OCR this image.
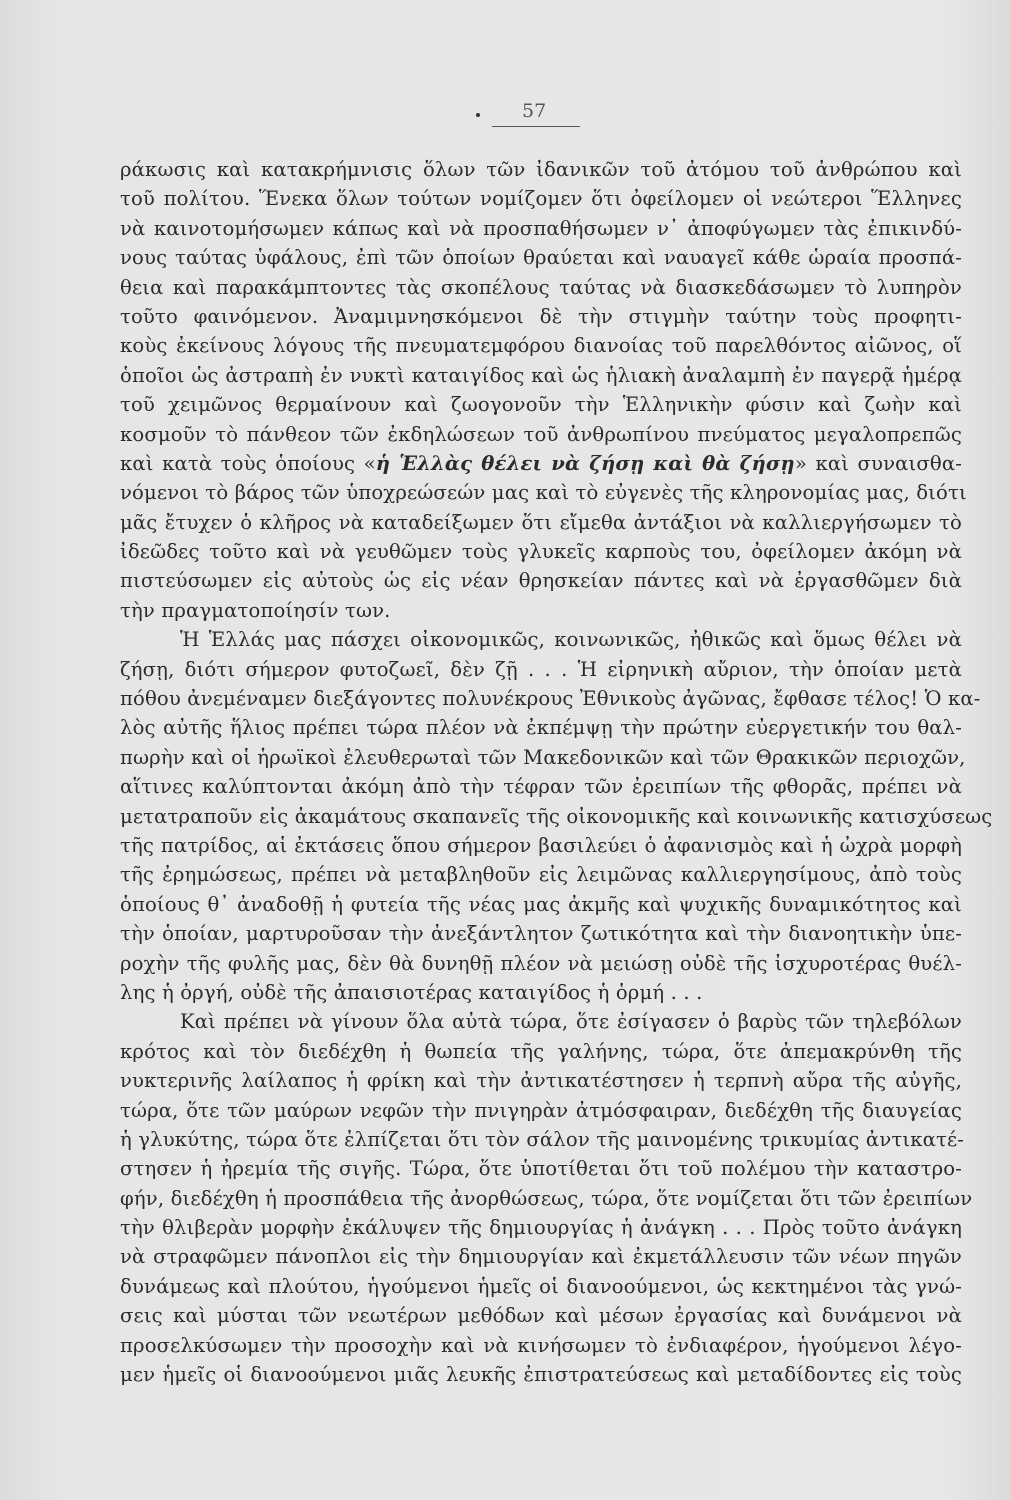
57
ράκωσις καὶ κατακρήμνισις ὅλων τῶν ἰδανικῶν τοῦ ἀτόμου τοῦ ἀνθρώπου καὶ
τοῦ πολίτου. Ἕνεκα ὅλων τούτων νομίζομεν ὅτι ὀφείλομεν οἱ νεώτεροι Ἕλληνες
νὰ καινοτομήσωμεν κάπως καὶ νὰ προσπαθήσωμεν ν᾽ ἀποφύγωμεν τὰς ἐπικινδύ-
νους ταύτας ὑφάλους, ἐπὶ τῶν ὁποίων θραύεται καὶ ναυαγεῖ κάθε ὡραία προσπά-
θεια καὶ παρακάμπτοντες τὰς σκοπέλους ταύτας νὰ διασκεδάσωμεν τὸ λυπηρὸν
τοῦτο φαινόμενον. Ἀναμιμνησκόμενοι δὲ τὴν στιγμὴν ταύτην τοὺς προφητι-
κοὺς ἐκείνους λόγους τῆς πνευματεμφόρου διανοίας τοῦ παρελθόντος αἰῶνος, οἵ
ὁποῖοι ὡς ἀστραπὴ ἐν νυκτὶ καταιγίδος καὶ ὡς ἡλιακὴ ἀναλαμπὴ ἐν παγερᾷ ἡμέρᾳ
τοῦ χειμῶνος θερμαίνουν καὶ ζωογονοῦν τὴν Ἑλληνικὴν φύσιν καὶ ζωὴν καὶ
κοσμοῦν τὸ πάνθεον τῶν ἐκδηλώσεων τοῦ ἀνθρωπίνου πνεύματος μεγαλοπρεπῶς
καὶ κατὰ τοὺς ὁποίους «ἡ Ἑλλὰς θέλει νὰ ζήσῃ καὶ θὰ ζήσῃ» καὶ συναισθα-
νόμενοι τὸ βάρος τῶν ὑποχρεώσεών μας καὶ τὸ εὐγενὲς τῆς κληρονομίας μας, διότι
μᾶς ἔτυχεν ὁ κλῆρος νὰ καταδείξωμεν ὅτι εἴμεθα ἀντάξιοι νὰ καλλιεργήσωμεν τὸ
ἰδεῶδες τοῦτο καὶ νὰ γευθῶμεν τοὺς γλυκεῖς καρποὺς του, ὀφείλομεν ἀκόμη νὰ
πιστεύσωμεν εἰς αὐτοὺς ὡς εἰς νέαν θρησκείαν πάντες καὶ νὰ ἐργασθῶμεν διὰ
τὴν πραγματοποίησίν των.
Ἡ Ἑλλάς μας πάσχει οἰκονομικῶς, κοινωνικῶς, ἠθικῶς καὶ ὅμως θέλει νὰ
ζήσῃ, διότι σήμερον φυτοζωεῖ, δὲν ζῇ . . . Ἡ εἰρηνικὴ αὔριον, τὴν ὁποίαν μετὰ
πόθου ἀνεμέναμεν διεξάγοντες πολυνέκρους Ἐθνικοὺς ἀγῶνας, ἔφθασε τέλος! Ὁ κα-
λὸς αὐτῆς ἥλιος πρέπει τώρα πλέον νὰ ἐκπέμψῃ τὴν πρώτην εὐεργετικήν του θαλ-
πωρὴν καὶ οἱ ἡρωϊκοὶ ἐλευθερωταὶ τῶν Μακεδονικῶν καὶ τῶν Θρακικῶν περιοχῶν,
αἵτινες καλύπτονται ἀκόμη ἀπὸ τὴν τέφραν τῶν ἐρειπίων τῆς φθορᾶς, πρέπει νὰ
μετατραποῦν εἰς ἀκαμάτους σκαπανεῖς τῆς οἰκονομικῆς καὶ κοινωνικῆς κατισχύσεως
τῆς πατρίδος, αἱ ἐκτάσεις ὅπου σήμερον βασιλεύει ὁ ἀφανισμὸς καὶ ἡ ὠχρὰ μορφὴ
τῆς ἐρημώσεως, πρέπει νὰ μεταβληθοῦν εἰς λειμῶνας καλλιεργησίμους, ἀπὸ τοὺς
ὁποίους θ᾽ ἀναδοθῇ ἡ φυτεία τῆς νέας μας ἀκμῆς καὶ ψυχικῆς δυναμικότητος καὶ
τὴν ὁποίαν, μαρτυροῦσαν τὴν ἀνεξάντλητον ζωτικότητα καὶ τὴν διανοητικὴν ὑπε-
ροχὴν τῆς φυλῆς μας, δὲν θὰ δυνηθῇ πλέον νὰ μειώσῃ οὐδὲ τῆς ἰσχυροτέρας θυέλ-
λης ἡ ὀργή, οὐδὲ τῆς ἀπαισιοτέρας καταιγίδος ἡ ὁρμή . . .
Καὶ πρέπει νὰ γίνουν ὅλα αὐτὰ τώρα, ὅτε ἐσίγασεν ὁ βαρὺς τῶν τηλεβόλων
κρότος καὶ τὸν διεδέχθη ἡ θωπεία τῆς γαλήνης, τώρα, ὅτε ἀπεμακρύνθη τῆς
νυκτερινῆς λαίλαπος ἡ φρίκη καὶ τὴν ἀντικατέστησεν ἡ τερπνὴ αὔρα τῆς αὐγῆς,
τώρα, ὅτε τῶν μαύρων νεφῶν τὴν πνιγηρὰν ἀτμόσφαιραν, διεδέχθη τῆς διαυγείας
ἡ γλυκύτης, τώρα ὅτε ἐλπίζεται ὅτι τὸν σάλον τῆς μαινομένης τρικυμίας ἀντικατέ-
στησεν ἡ ἠρεμία τῆς σιγῆς. Τώρα, ὅτε ὑποτίθεται ὅτι τοῦ πολέμου τὴν καταστρο-
φήν, διεδέχθη ἡ προσπάθεια τῆς ἀνορθώσεως, τώρα, ὅτε νομίζεται ὅτι τῶν ἐρειπίων
τὴν θλιβερὰν μορφὴν ἐκάλυψεν τῆς δημιουργίας ἡ ἀνάγκη . . . Πρὸς τοῦτο ἀνάγκη
νὰ στραφῶμεν πάνοπλοι εἰς τὴν δημιουργίαν καὶ ἐκμετάλλευσιν τῶν νέων πηγῶν
δυνάμεως καὶ πλούτου, ἡγούμενοι ἡμεῖς οἱ διανοούμενοι, ὡς κεκτημένοι τὰς γνώ-
σεις καὶ μύσται τῶν νεωτέρων μεθόδων καὶ μέσων ἐργασίας καὶ δυνάμενοι νὰ
προσελκύσωμεν τὴν προσοχὴν καὶ νὰ κινήσωμεν τὸ ἐνδιαφέρον, ἡγούμενοι λέγο-
μεν ἡμεῖς οἱ διανοούμενοι μιᾶς λευκῆς ἐπιστρατεύσεως καὶ μεταδίδοντες εἰς τοὺς
